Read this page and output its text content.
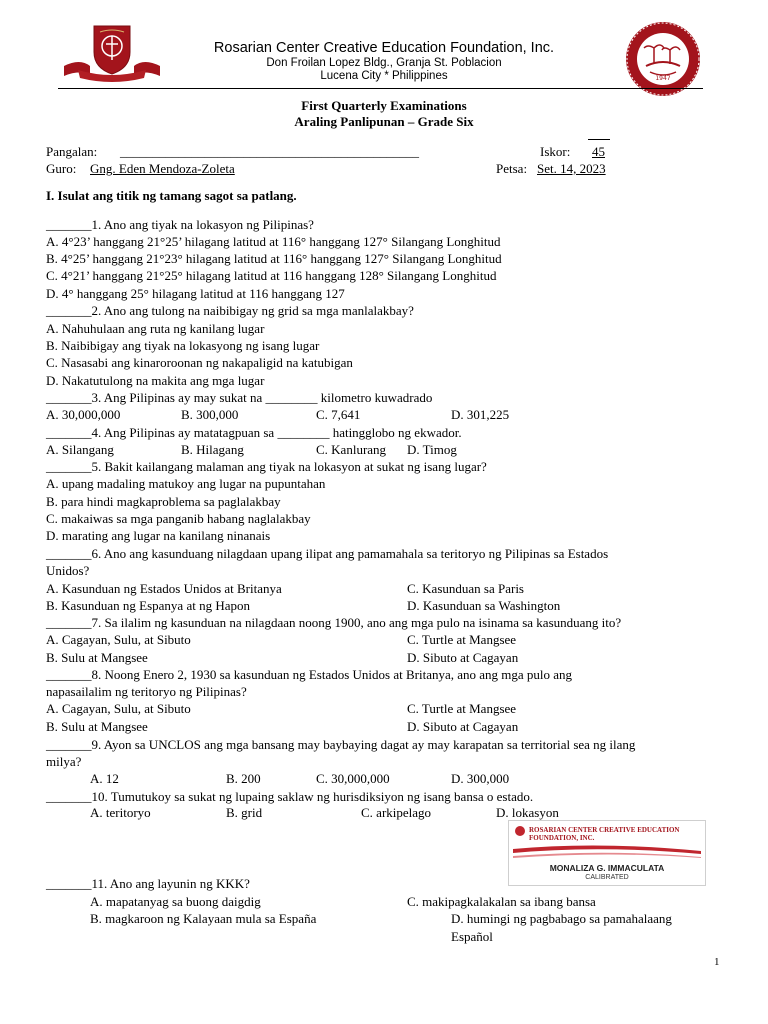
1947
Rosarian Center Creative Education Foundation, Inc.
Don Froilan Lopez Bldg., Granja St. Poblacion
Lucena City * Philippines
First Quarterly Examinations
Araling Panlipunan – Grade Six
Pangalan: ______________________________________________	Iskor:	45
Guro: Gng. Eden Mendoza-Zoleta	Petsa: Set. 14, 2023
I. Isulat ang titik ng tamang sagot sa patlang.
_______1. Ano ang tiyak na lokasyon ng Pilipinas?
A. 4°23’ hanggang 21°25’ hilagang latitud at 116° hanggang 127° Silangang Longhitud
B. 4°25’ hanggang 21°23° hilagang latitud at 116° hanggang 127° Silangang Longhitud
C. 4°21’ hanggang 21°25° hilagang latitud at 116 hanggang 128° Silangang Longhitud
D. 4° hanggang 25° hilagang latitud at 116 hanggang 127
_______2. Ano ang tulong na naibibigay ng grid sa mga manlalakbay?
A. Nahuhulaan ang ruta ng kanilang lugar
B. Naibibigay ang tiyak na lokasyong ng isang lugar
C. Nasasabi ang kinaroroonan ng nakapaligid na katubigan
D. Nakatutulong na makita ang mga lugar
_______3. Ang Pilipinas ay may sukat na ________ kilometro kuwadrado
A. 30,000,000	B. 300,000	C. 7,641	D. 301,225
_______4. Ang Pilipinas ay matatagpuan sa ________ hatingglobo ng ekwador.
A. Silangang	B. Hilagang	C. Kanlurang D. Timog
_______5. Bakit kailangang malaman ang tiyak na lokasyon at sukat ng isang lugar?
A. upang madaling matukoy ang lugar na pupuntahan
B. para hindi magkaproblema sa paglalakbay
C. makaiwas sa mga panganib habang naglalakbay
D. marating ang lugar na kanilang ninanais
_______6. Ano ang kasunduang nilagdaan upang ilipat ang pamamahala sa teritoryo ng Pilipinas sa Estados
Unidos?
A. Kasunduan ng Estados Unidos at Britanya	C. Kasunduan sa Paris
B. Kasunduan ng Espanya at ng Hapon	D. Kasunduan sa Washington
_______7. Sa ilalim ng kasunduan na nilagdaan noong 1900, ano ang mga pulo na isinama sa kasunduang ito?
A. Cagayan, Sulu, at Sibuto	C. Turtle at Mangsee
B. Sulu at Mangsee	D. Sibuto at Cagayan
_______8. Noong Enero 2, 1930 sa kasunduan ng Estados Unidos at Britanya, ano ang mga pulo ang
napasailalim ng teritoryo ng Pilipinas?
A. Cagayan, Sulu, at Sibuto	C. Turtle at Mangsee
B. Sulu at Mangsee	D. Sibuto at Cagayan
_______9. Ayon sa UNCLOS ang mga bansang may baybaying dagat ay may karapatan sa territorial sea ng ilang
milya?
A. 12	B. 200	C. 30,000,000	D. 300,000
_______10. Tumutukoy sa sukat ng lupaing saklaw ng hurisdiksiyon ng isang bansa o estado.
A. teritoryo	B. grid	C. arkipelago	D. lokasyon
ROSARIAN CENTER CREATIVE EDUCATION
FOUNDATION, INC.
MONALIZA G. IMMACULATA
CALIBRATED
_______11. Ano ang layunin ng KKK?
A. mapatanyag sa buong daigdig	C. makipagkalakalan sa ibang bansa
B. magkaroon ng Kalayaan mula sa España	D. humingi ng pagbabago sa pamahalaang
Español
1
